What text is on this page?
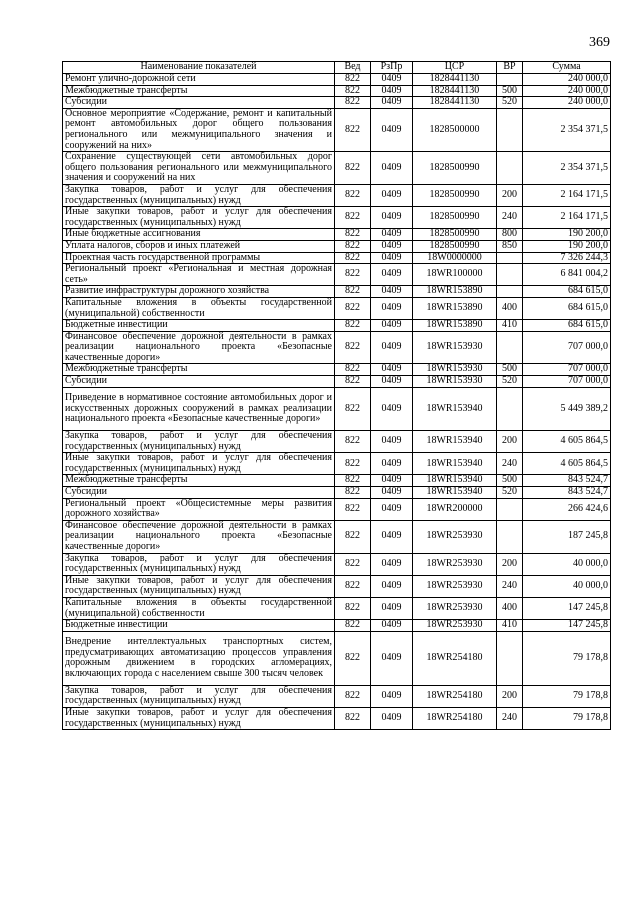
369
Наименование показателей	Вед	РзПр	ЦСР	ВР	Сумма
Ремонт улично-дорожной сети	822	0409	1828441130		240 000,0
Межбюджетные трансферты	822	0409	1828441130	500	240 000,0
Субсидии	822	0409	1828441130	520	240 000,0
Основное мероприятие «Содержание, ремонт и капитальный ремонт автомобильных дорог общего пользования регионального или межмуниципального значения и сооружений на них»	822	0409	1828500000		2 354 371,5
Сохранение существующей сети автомобильных дорог общего пользования регионального или межмуниципального значения и сооружений на них	822	0409	1828500990		2 354 371,5
Закупка товаров, работ и услуг для обеспечения государственных (муниципальных) нужд	822	0409	1828500990	200	2 164 171,5
Иные закупки товаров, работ и услуг для обеспечения государственных (муниципальных) нужд	822	0409	1828500990	240	2 164 171,5
Иные бюджетные ассигнования	822	0409	1828500990	800	190 200,0
Уплата налогов, сборов и иных платежей	822	0409	1828500990	850	190 200,0
Проектная часть государственной программы	822	0409	18W0000000		7 326 244,3
Региональный проект «Региональная и местная дорожная сеть»	822	0409	18WR100000		6 841 004,2
Развитие инфраструктуры дорожного хозяйства	822	0409	18WR153890		684 615,0
Капитальные вложения в объекты государственной (муниципальной) собственности	822	0409	18WR153890	400	684 615,0
Бюджетные инвестиции	822	0409	18WR153890	410	684 615,0
Финансовое обеспечение дорожной деятельности в рамках реализации национального проекта «Безопасные качественные дороги»	822	0409	18WR153930		707 000,0
Межбюджетные трансферты	822	0409	18WR153930	500	707 000,0
Субсидии	822	0409	18WR153930	520	707 000,0
Приведение в нормативное состояние автомобильных дорог и искусственных дорожных сооружений в рамках реализации национального проекта «Безопасные качественные дороги»	822	0409	18WR153940		5 449 389,2
Закупка товаров, работ и услуг для обеспечения государственных (муниципальных) нужд	822	0409	18WR153940	200	4 605 864,5
Иные закупки товаров, работ и услуг для обеспечения государственных (муниципальных) нужд	822	0409	18WR153940	240	4 605 864,5
Межбюджетные трансферты	822	0409	18WR153940	500	843 524,7
Субсидии	822	0409	18WR153940	520	843 524,7
Региональный проект «Общесистемные меры развития дорожного хозяйства»	822	0409	18WR200000		266 424,6
Финансовое обеспечение дорожной деятельности в рамках реализации национального проекта «Безопасные качественные дороги»	822	0409	18WR253930		187 245,8
Закупка товаров, работ и услуг для обеспечения государственных (муниципальных) нужд	822	0409	18WR253930	200	40 000,0
Иные закупки товаров, работ и услуг для обеспечения государственных (муниципальных) нужд	822	0409	18WR253930	240	40 000,0
Капитальные вложения в объекты государственной (муниципальной) собственности	822	0409	18WR253930	400	147 245,8
Бюджетные инвестиции	822	0409	18WR253930	410	147 245,8
Внедрение интеллектуальных транспортных систем, предусматривающих автоматизацию процессов управления дорожным движением в городских агломерациях, включающих города с населением свыше 300 тысяч человек	822	0409	18WR254180		79 178,8
Закупка товаров, работ и услуг для обеспечения государственных (муниципальных) нужд	822	0409	18WR254180	200	79 178,8
Иные закупки товаров, работ и услуг для обеспечения государственных (муниципальных) нужд	822	0409	18WR254180	240	79 178,8
